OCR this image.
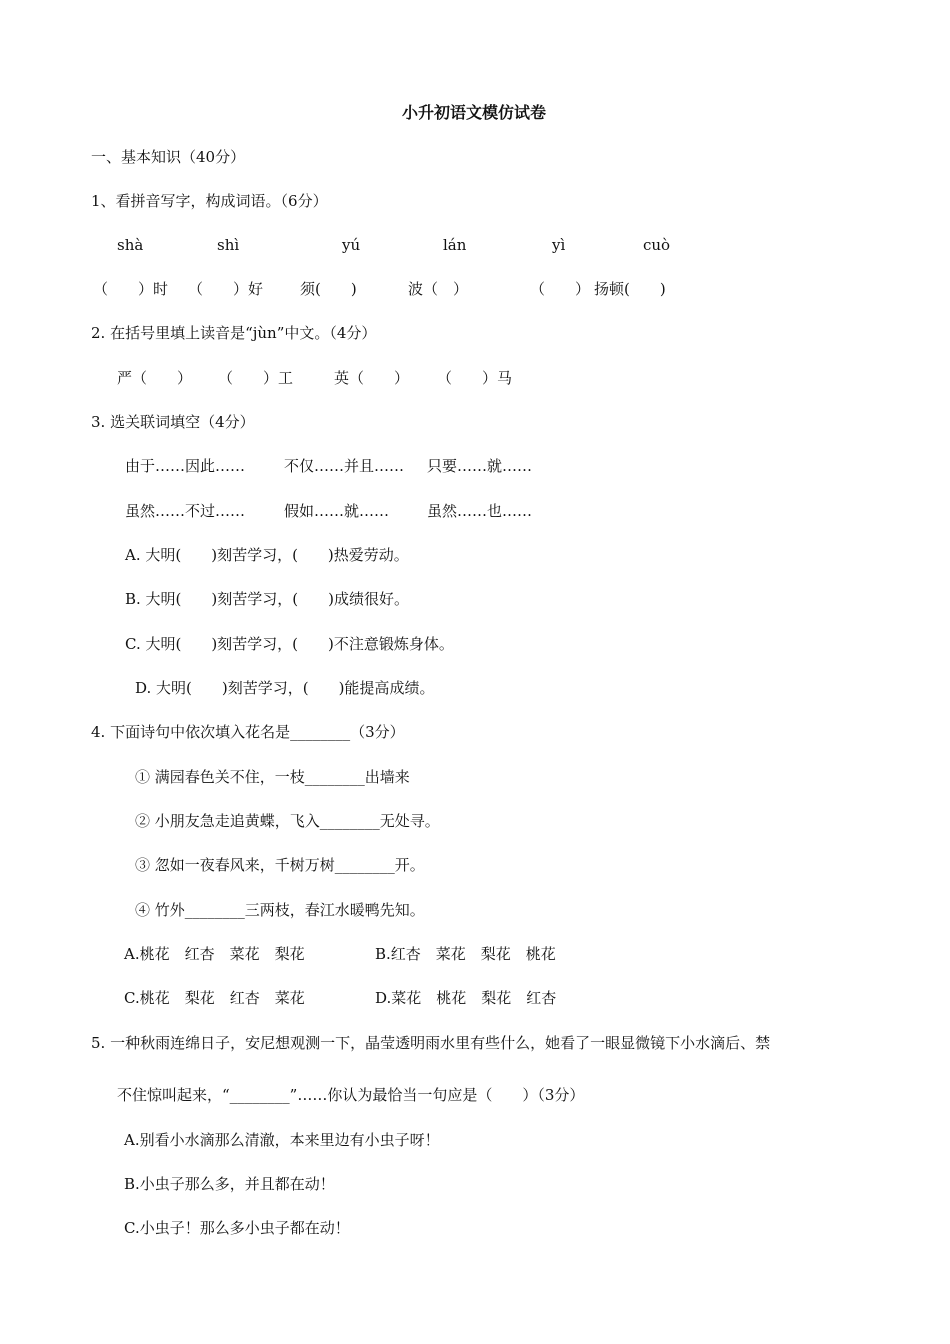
小升初语文模仿试卷
一、基本知识（40分）
1、看拼音写字，构成词语。（6分）
shà	shì	yú	lán	yì	cuò
（　　）时 （　　）好 须(　　)	波（　）	（　　） 扬顿(　　)
2. 在括号里填上读音是“jùn”中文。（4分）
严（　　） （　　）工	英（　　） （　　）马
3. 选关联词填空（4分）
由于……因此……	不仅……并且…… 只要……就……
虽然……不过……	假如……就……	虽然……也……
A. 大明(　　)刻苦学习，(　　)热爱劳动。
B. 大明(　　)刻苦学习，(　　)成绩很好。
C. 大明(　　)刻苦学习，(　　)不注意锻炼身体。
D. 大明(　　)刻苦学习，(　　)能提高成绩。
4. 下面诗句中依次填入花名是________（3分）
① 满园春色关不住，一枝________出墙来
② 小朋友急走追黄蝶，飞入________无处寻。
③ 忽如一夜春风来，千树万树________开。
④ 竹外________三两枝，春江水暖鸭先知。
A.桃花　红杏　菜花　梨花	B.红杏　菜花　梨花　桃花
C.桃花　梨花　红杏　菜花	D.菜花　桃花　梨花　红杏
5. 一种秋雨连绵日子，安尼想观测一下，晶莹透明雨水里有些什么，她看了一眼显微镜下小水滴后、禁
不住惊叫起来，“________”……你认为最恰当一句应是（　　）（3分）
A.别看小水滴那么清澈，本来里边有小虫子呀！
B.小虫子那么多，并且都在动！
C.小虫子！那么多小虫子都在动！
